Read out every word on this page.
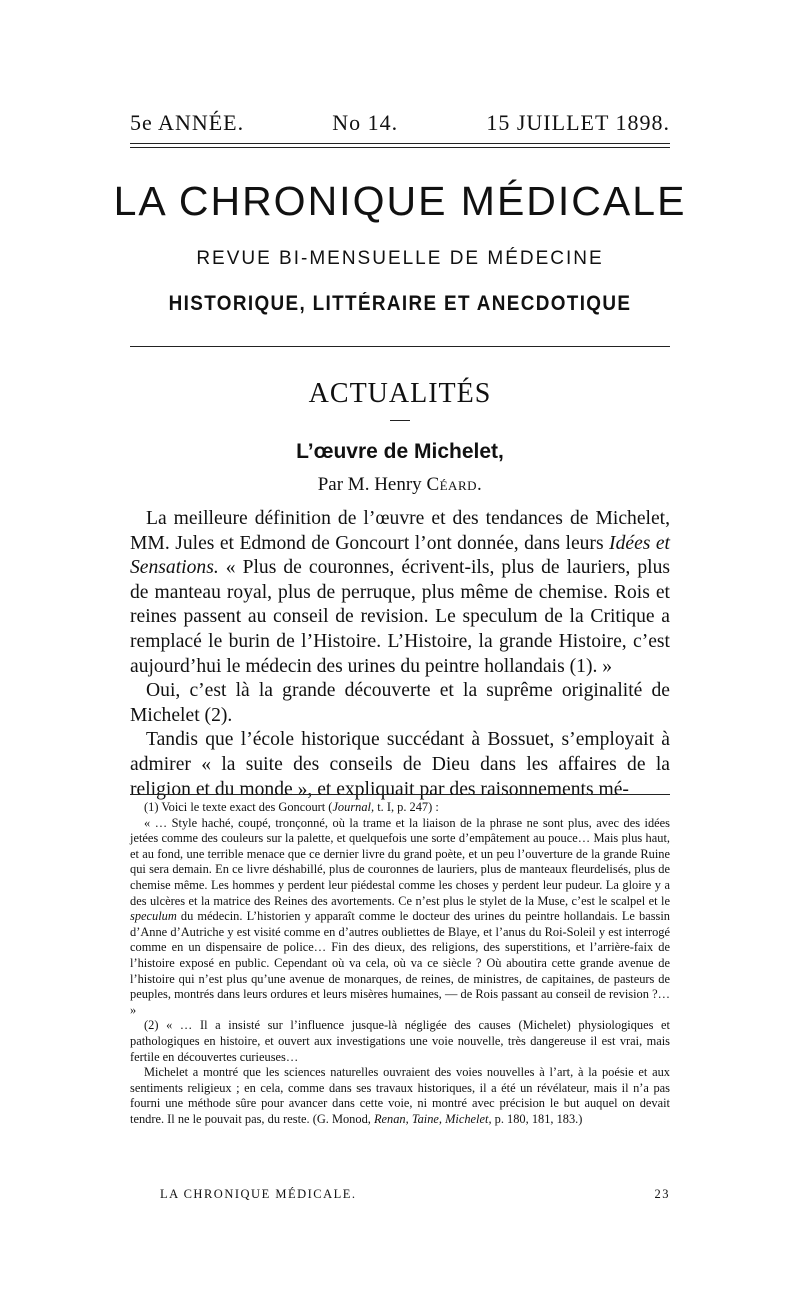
5e ANNÉE.	No 14.	15 JUILLET 1898.
LA CHRONIQUE MÉDICALE
REVUE BI-MENSUELLE DE MÉDECINE
HISTORIQUE, LITTÉRAIRE ET ANECDOTIQUE
ACTUALITÉS
L’œuvre de Michelet,
Par M. Henry Céard.

La meilleure définition de l’œuvre et des tendances de Michelet, MM. Jules et Edmond de Goncourt l’ont donnée, dans leurs Idées et Sensations. « Plus de couronnes, écrivent-ils, plus de lauriers, plus de manteau royal, plus de perruque, plus même de chemise. Rois et reines passent au conseil de revision. Le speculum de la Critique a remplacé le burin de l’Histoire. L’Histoire, la grande Histoire, c’est aujourd’hui le médecin des urines du peintre hollandais (1). »

Oui, c’est là la grande découverte et la suprême originalité de Michelet (2).

Tandis que l’école historique succédant à Bossuet, s’employait à admirer « la suite des conseils de Dieu dans les affaires de la religion et du monde », et expliquait par des raisonnements mé-

(1) Voici le texte exact des Goncourt (Journal, t. I, p. 247) :

« … Style haché, coupé, tronçonné, où la trame et la liaison de la phrase ne sont plus, avec des idées jetées comme des couleurs sur la palette, et quelquefois une sorte d’empâtement au pouce… Mais plus haut, et au fond, une terrible menace que ce dernier livre du grand poète, et un peu l’ouverture de la grande Ruine qui sera demain. En ce livre déshabillé, plus de couronnes de lauriers, plus de manteaux fleurdelisés, plus de chemise même. Les hommes y perdent leur piédestal comme les choses y perdent leur pudeur. La gloire y a des ulcères et la matrice des Reines des avortements. Ce n’est plus le stylet de la Muse, c’est le scalpel et le speculum du médecin. L’historien y apparaît comme le docteur des urines du peintre hollandais. Le bassin d’Anne d’Autriche y est visité comme en d’autres oubliettes de Blaye, et l’anus du Roi-Soleil y est interrogé comme en un dispensaire de police… Fin des dieux, des religions, des superstitions, et l’arrière-faix de l’histoire exposé en public. Cependant où va cela, où va ce siècle ? Où aboutira cette grande avenue de l’histoire qui n’est plus qu’une avenue de monarques, de reines, de ministres, de capitaines, de pasteurs de peuples, montrés dans leurs ordures et leurs misères humaines, — de Rois passant au conseil de revision ?… »

(2) « … Il a insisté sur l’influence jusque-là négligée des causes (Michelet) physiologiques et pathologiques en histoire, et ouvert aux investigations une voie nouvelle, très dangereuse il est vrai, mais fertile en découvertes curieuses…

Michelet a montré que les sciences naturelles ouvraient des voies nouvelles à l’art, à la poésie et aux sentiments religieux ; en cela, comme dans ses travaux historiques, il a été un révélateur, mais il n’a pas fourni une méthode sûre pour avancer dans cette voie, ni montré avec précision le but auquel on devait tendre. Il ne le pouvait pas, du reste. (G. Monod, Renan, Taine, Michelet, p. 180, 181, 183.)

LA CHRONIQUE MÉDICALE.	23
